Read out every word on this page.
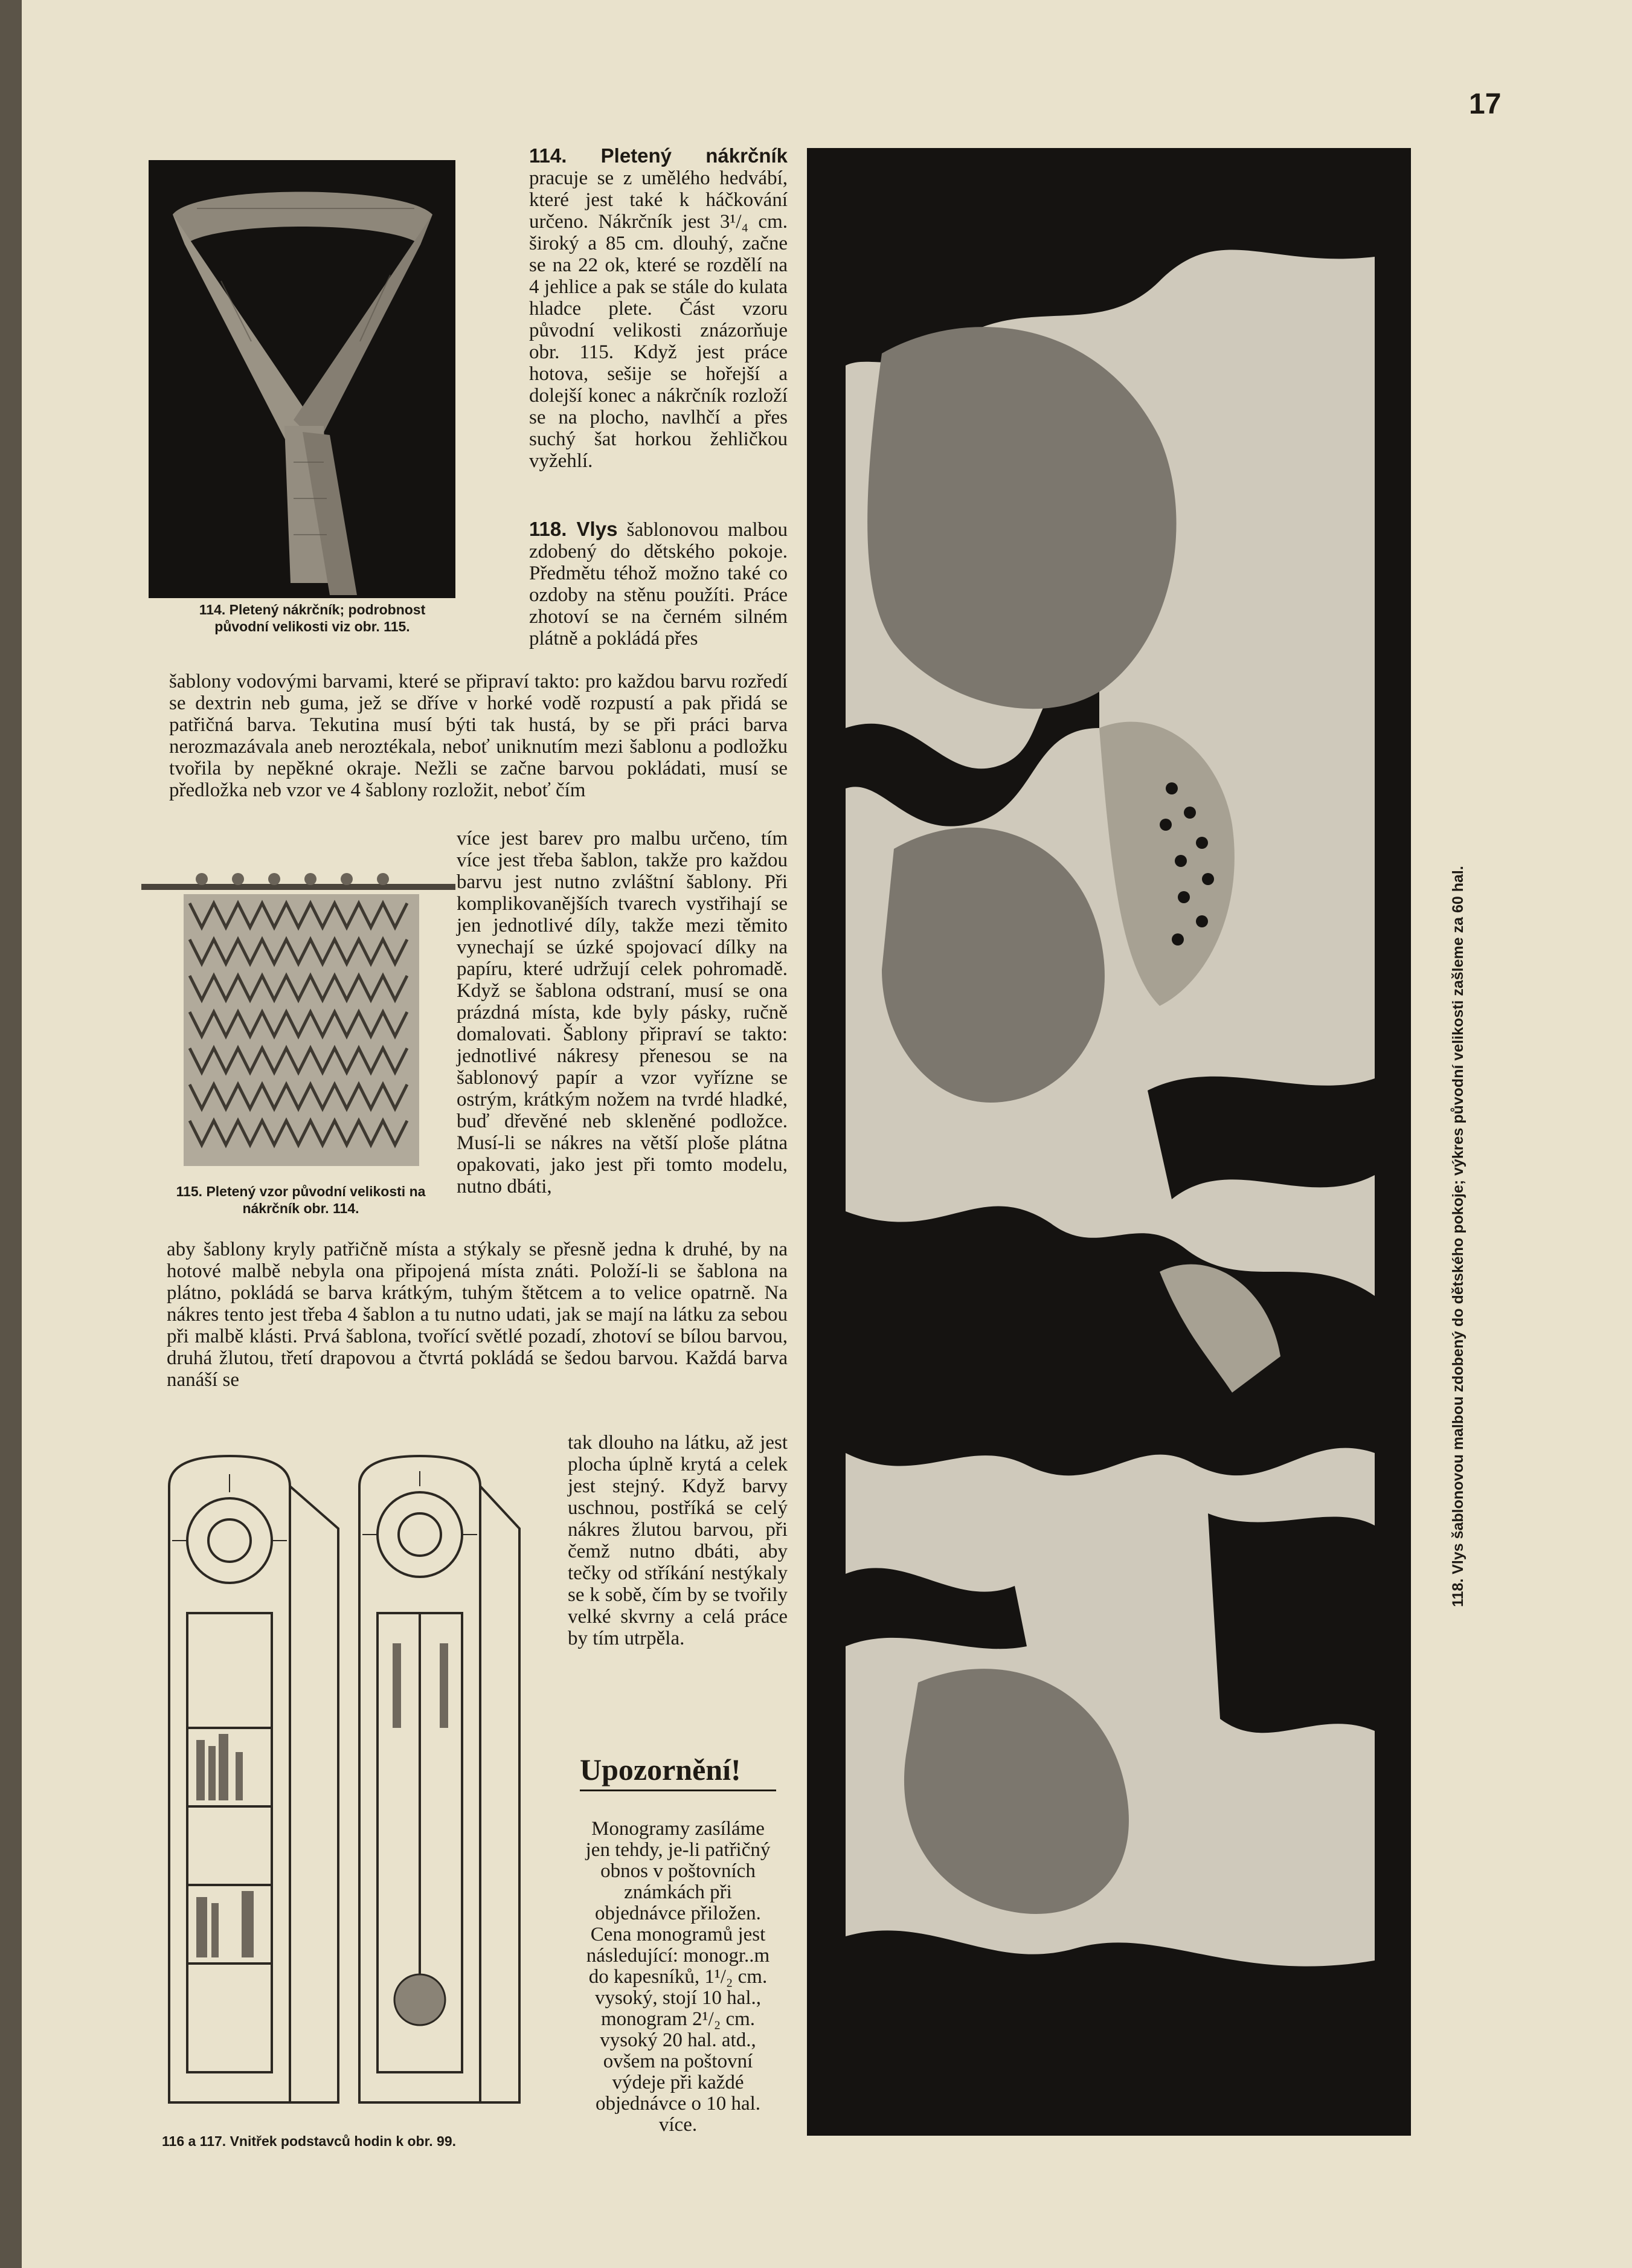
17
114. Pletený nákrčník; podrobnost původní velikosti viz obr. 115.

114. Pletený nákrčník pracuje se z umělého hedvábí, které jest také k háčkování určeno. Nákrčník jest 3¹/₄ cm. široký a 85 cm. dlouhý, začne se na 22 ok, které se rozdělí na 4 jehlice a pak se stále do kulata hladce plete. Část vzoru původní velikosti znázorňuje obr. 115. Když jest práce hotova, sešije se hořejší a dolejší konec a nákrčník rozloží se na plocho, navlhčí a přes suchý šat horkou žehličkou vyžehlí.

118. Vlys šablonovou malbou zdobený do dětského pokoje. Předmětu téhož možno také co ozdoby na stěnu použíti. Práce zhotoví se na černém silném plátně a pokládá přes

šablony vodovými barvami, které se připraví takto: pro každou barvu rozředí se dextrin neb guma, jež se dříve v horké vodě rozpustí a pak přidá se patřičná barva. Tekutina musí býti tak hustá, by se při práci barva nerozmazávala aneb neroztékala, neboť uniknutím mezi šablonu a podložku tvořila by nepěkné okraje. Nežli se začne barvou pokládati, musí se předložka neb vzor ve 4 šablony rozložit, neboť čím
115. Pletený vzor původní velikosti na nákrčník obr. 114.
více jest barev pro malbu určeno, tím více jest třeba šablon, takže pro každou barvu jest nutno zvláštní šablony. Při komplikovanějších tvarech vystřihají se jen jednotlivé díly, takže mezi těmito vynechají se úzké spojovací dílky na papíru, které udržují celek pohromadě. Když se šablona odstraní, musí se ona prázdná místa, kde byly pásky, ručně domalovati. Šablony připraví se takto: jednotlivé nákresy přenesou se na šablonový papír a vzor vyřízne se ostrým, krátkým nožem na tvrdé hladké, buď dřevěné neb skleněné podložce. Musí-li se nákres na větší ploše plátna opakovati, jako jest při tomto modelu, nutno dbáti,
aby šablony kryly patřičně místa a stýkaly se přesně jedna k druhé, by na hotové malbě nebyla ona připojená místa znáti. Položí-li se šablona na plátno, pokládá se barva krátkým, tuhým štětcem a to velice opatrně. Na nákres tento jest třeba 4 šablon a tu nutno udati, jak se mají na látku za sebou při malbě klásti. Prvá šablona, tvořící světlé pozadí, zhotoví se bílou barvou, druhá žlutou, třetí drapovou a čtvrtá pokládá se šedou barvou. Každá barva nanáší se
116 a 117. Vnitřek podstavců hodin k obr. 99.
tak dlouho na látku, až jest plocha úplně krytá a celek jest stejný. Když barvy uschnou, postříká se celý nákres žlutou barvou, při čemž nutno dbáti, aby tečky od stříkání nestýkaly se k sobě, čím by se tvořily velké skvrny a celá práce by tím utrpěla.
Upozornění!
Monogramy zasíláme jen tehdy, je-li patřičný obnos v poštovních známkách při objednávce přiložen. Cena monogramů jest následující: monogr..m do kapesníků, 1¹/₂ cm. vysoký, stojí 10 hal., monogram 2¹/₂ cm. vysoký 20 hal. atd., ovšem na poštovní výdeje při každé objednávce o 10 hal. více.
118. Vlys šablonovou malbou zdobený do dětského pokoje; výkres původní velikosti zašleme za 60 hal.
